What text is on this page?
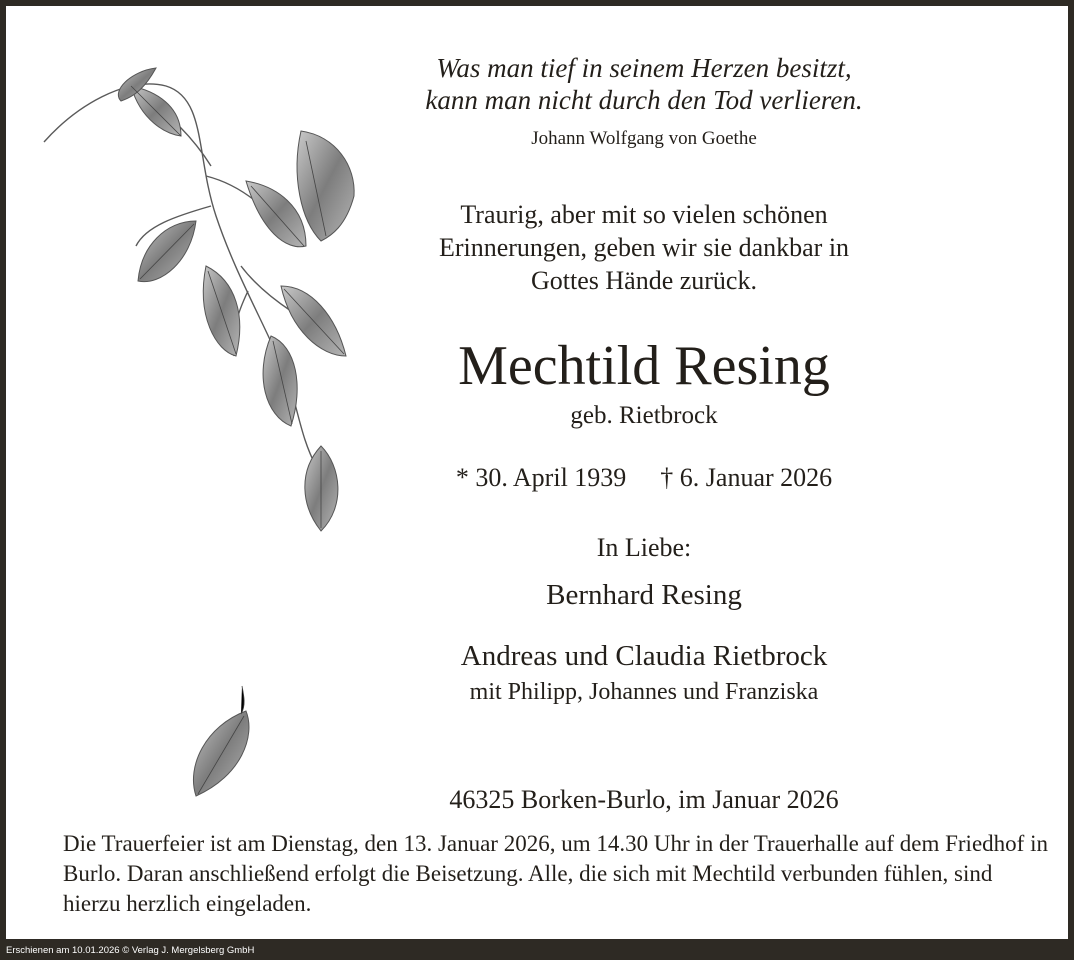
Was man tief in seinem Herzen besitzt,
kann man nicht durch den Tod verlieren.
Johann Wolfgang von Goethe
Traurig, aber mit so vielen schönen
Erinnerungen, geben wir sie dankbar in
Gottes Hände zurück.
Mechtild Resing
geb. Rietbrock
* 30. April 1939 † 6. Januar 2026
In Liebe:
Bernhard Resing
Andreas und Claudia Rietbrock
mit Philipp, Johannes und Franziska
46325 Borken-Burlo, im Januar 2026
Die Trauerfeier ist am Dienstag, den 13. Januar 2026, um 14.30 Uhr in der Trauerhalle auf dem Friedhof in Burlo. Daran anschließend erfolgt die Beisetzung. Alle, die sich mit Mechtild verbunden fühlen, sind hierzu herzlich eingeladen.
Erschienen am 10.01.2026 © Verlag J. Mergelsberg GmbH
